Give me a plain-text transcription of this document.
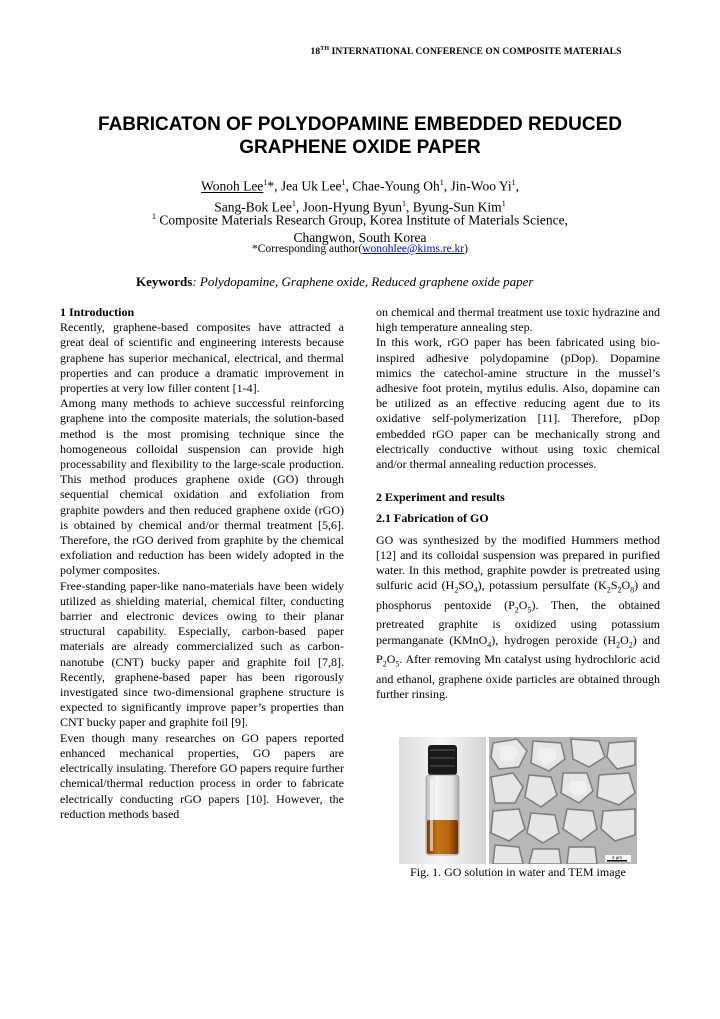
18TH INTERNATIONAL CONFERENCE ON COMPOSITE MATERIALS
FABRICATON OF POLYDOPAMINE EMBEDDED REDUCED
GRAPHENE OXIDE PAPER
Wonoh Lee$^1$*, Jea Uk Lee$^1$, Chae-Young Oh$^1$, Jin-Woo Yi$^1$,
Sang-Bok Lee$^1$, Joon-Hyung Byun$^1$, Byung-Sun Kim$^1$
$^1$ Composite Materials Research Group, Korea Institute of Materials Science,
Changwon, South Korea
*Corresponding author(wonohlee@kims.re.kr)
Keywords: Polydopamine, Graphene oxide, Reduced graphene oxide paper
1 Introduction

Recently, graphene-based composites have attracted a great deal of scientific and engineering interests because graphene has superior mechanical, electrical, and thermal properties and can produce a dramatic improvement in properties at very low filler content [1-4].

Among many methods to achieve successful reinforcing graphene into the composite materials, the solution-based method is the most promising technique since the homogeneous colloidal suspension can provide high processability and flexibility to the large-scale production. This method produces graphene oxide (GO) through sequential chemical oxidation and exfoliation from graphite powders and then reduced graphene oxide (rGO) is obtained by chemical and/or thermal treatment [5,6]. Therefore, the rGO derived from graphite by the chemical exfoliation and reduction has been widely adopted in the polymer composites.

Free-standing paper-like nano-materials have been widely utilized as shielding material, chemical filter, conducting barrier and electronic devices owing to their planar structural capability. Especially, carbon-based paper materials are already commercialized such as carbon-nanotube (CNT) bucky paper and graphite foil [7,8]. Recently, graphene-based paper has been rigorously investigated since two-dimensional graphene structure is expected to significantly improve paper’s properties than CNT bucky paper and graphite foil [9].

Even though many researches on GO papers reported enhanced mechanical properties, GO papers are electrically insulating. Therefore GO papers require further chemical/thermal reduction process in order to fabricate electrically conducting rGO papers [10]. However, the reduction methods based

on chemical and thermal treatment use toxic hydrazine and high temperature annealing step.

In this work, rGO paper has been fabricated using bio-inspired adhesive polydopamine (pDop). Dopamine mimics the catechol-amine structure in the mussel’s adhesive foot protein, mytilus edulis. Also, dopamine can be utilized as an effective reducing agent due to its oxidative self-polymerization [11]. Therefore, pDop embedded rGO paper can be mechanically strong and electrically conductive without using toxic chemical and/or thermal annealing reduction processes.

2 Experiment and results
2.1 Fabrication of GO

GO was synthesized by the modified Hummers method [12] and its colloidal suspension was prepared in purified water. In this method, graphite powder is pretreated using sulfuric acid $(H_2SO_4)$, potassium persulfate $(K_2S_2O_8)$ and phosphorus pentoxide $(P_2O_5)$. Then, the obtained pretreated graphite is oxidized using potassium permanganate (KMnO$_4$), hydrogen peroxide $(H_2O_2)$ and $P_2O_5$. After removing Mn catalyst using hydrochloric acid and ethanol, graphene oxide particles are obtained through further rinsing.

2 μm
Fig. 1. GO solution in water and TEM image
